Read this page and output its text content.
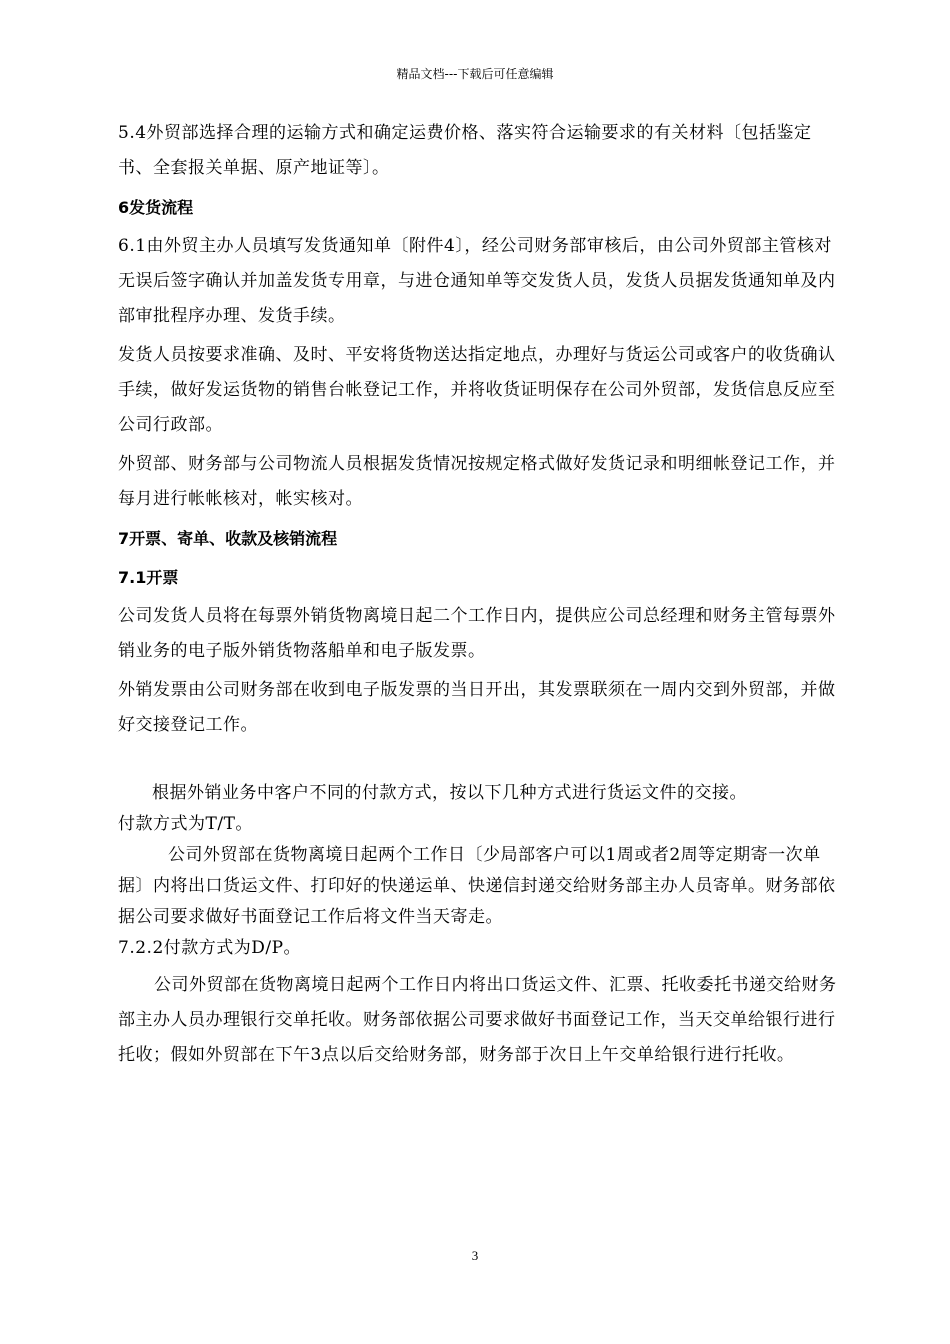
精品文档---下载后可任意编辑

5.4外贸部选择合理的运输方式和确定运费价格、落实符合运输要求的有关材料〔包括鉴定书、全套报关单据、原产地证等〕。

6发货流程

6.1由外贸主办人员填写发货通知单〔附件4〕，经公司财务部审核后，由公司外贸部主管核对无误后签字确认并加盖发货专用章，与进仓通知单等交发货人员，发货人员据发货通知单及内部审批程序办理、发货手续。

发货人员按要求准确、及时、平安将货物送达指定地点，办理好与货运公司或客户的收货确认手续，做好发运货物的销售台帐登记工作，并将收货证明保存在公司外贸部，发货信息反应至公司行政部。

外贸部、财务部与公司物流人员根据发货情况按规定格式做好发货记录和明细帐登记工作，并每月进行帐帐核对，帐实核对。

7开票、寄单、收款及核销流程

7.1开票

公司发货人员将在每票外销货物离境日起二个工作日内，提供应公司总经理和财务主管每票外销业务的电子版外销货物落船单和电子版发票。

外销发票由公司财务部在收到电子版发票的当日开出，其发票联须在一周内交到外贸部，并做好交接登记工作。

根据外销业务中客户不同的付款方式，按以下几种方式进行货运文件的交接。

付款方式为T/T。

公司外贸部在货物离境日起两个工作日〔少局部客户可以1周或者2周等定期寄一次单据〕内将出口货运文件、打印好的快递运单、快递信封递交给财务部主办人员寄单。财务部依据公司要求做好书面登记工作后将文件当天寄走。

7.2.2付款方式为D/P。

公司外贸部在货物离境日起两个工作日内将出口货运文件、汇票、托收委托书递交给财务部主办人员办理银行交单托收。财务部依据公司要求做好书面登记工作，当天交单给银行进行托收；假如外贸部在下午3点以后交给财务部，财务部于次日上午交单给银行进行托收。

3
